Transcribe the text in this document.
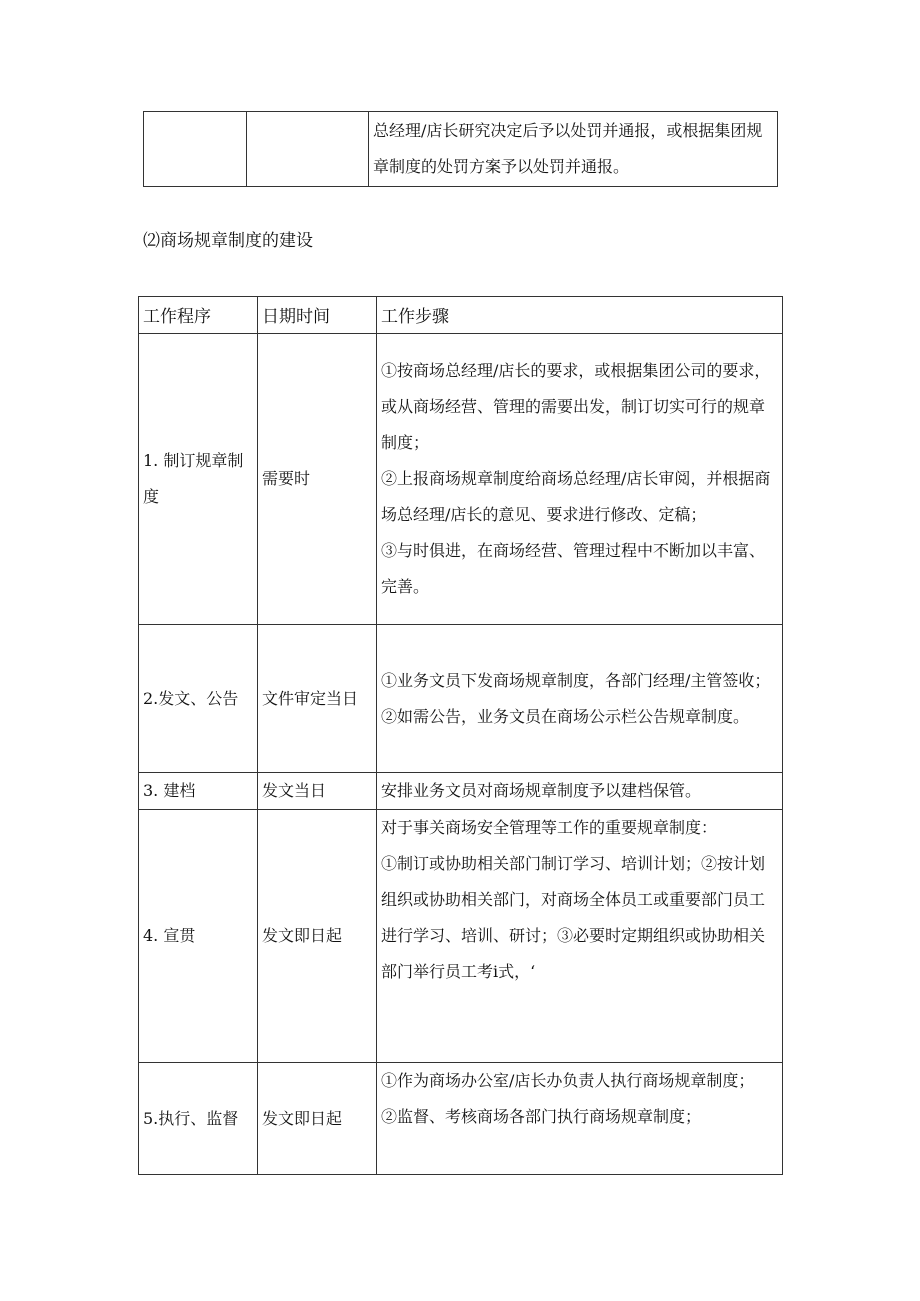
		总经理/店长研究决定后予以处罚并通报，或根据集团规章制度的处罚方案予以处罚并通报。
⑵商场规章制度的建设
工作程序	日期时间	工作步骤
1. 制订规章制度	需要时	①按商场总经理/店长的要求，或根据集团公司的要求，或从商场经营、管理的需要出发，制订切实可行的规章制度；
②上报商场规章制度给商场总经理/店长审阅，并根据商场总经理/店长的意见、要求进行修改、定稿；
③与时俱进，在商场经营、管理过程中不断加以丰富、完善。

2.发文、公告	文件审定当日	①业务文员下发商场规章制度，各部门经理/主管签收；
②如需公告，业务文员在商场公示栏公告规章制度。

3. 建档	发文当日	安排业务文员对商场规章制度予以建档保管。

4. 宣贯	发文即日起	对于事关商场安全管理等工作的重要规章制度：
①制订或协助相关部门制订学习、培训计划；②按计划组织或协助相关部门，对商场全体员工或重要部门员工进行学习、培训、研讨；③必要时定期组织或协助相关部门举行员工考i式，‘

5.执行、监督	发文即日起	①作为商场办公室/店长办负责人执行商场规章制度；
②监督、考核商场各部门执行商场规章制度；
